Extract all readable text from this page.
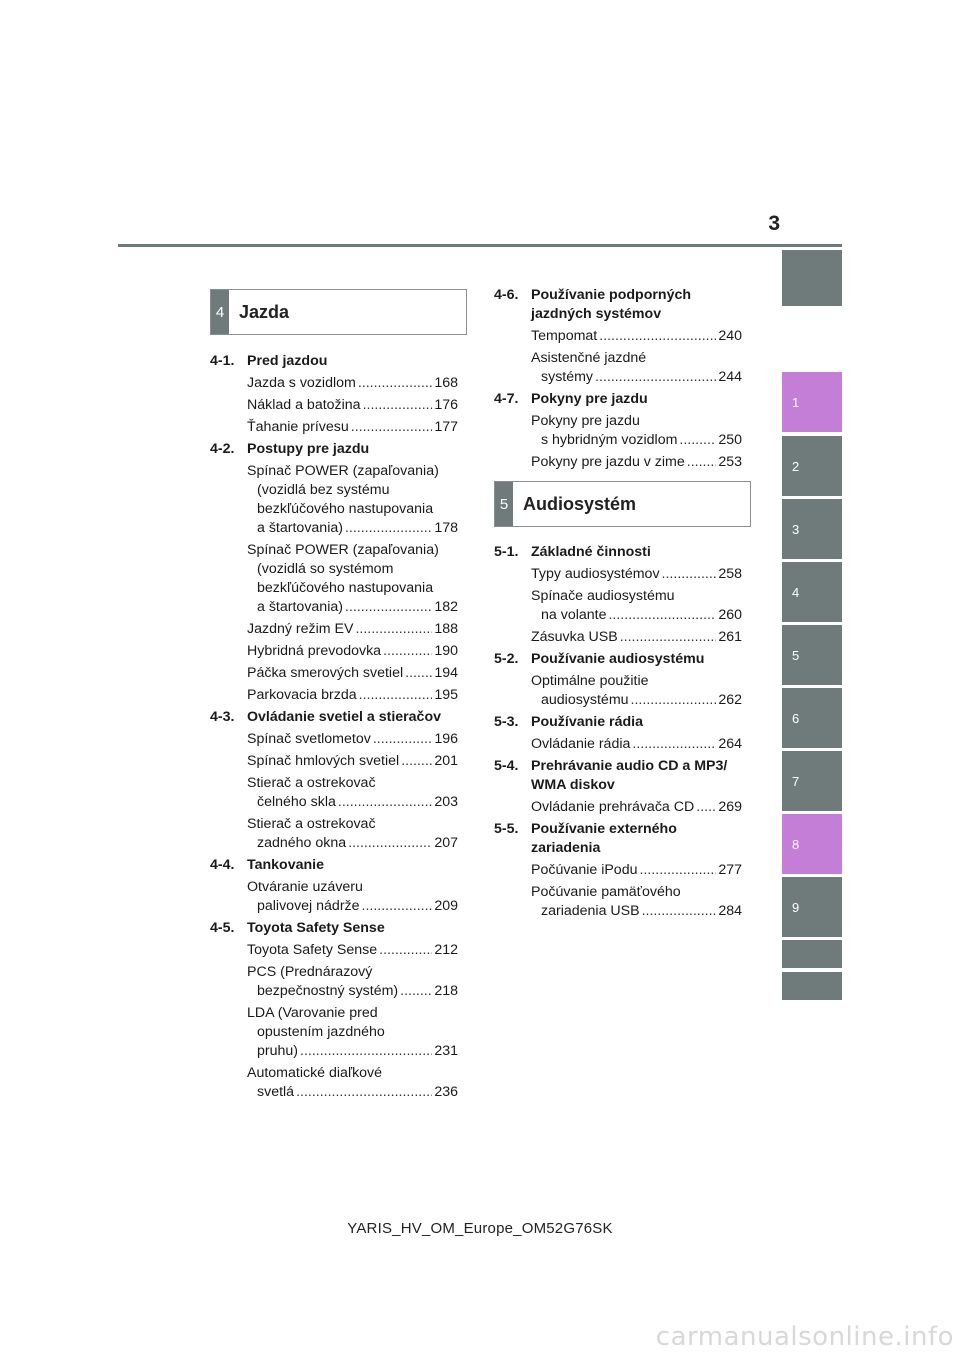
3
1
2
3
4
5
6
7
8
9
4 Jazda
5 Audiosystém
4-1. Pred jazdou
Jazda s vozidlom .....	168
Náklad a batožina .....	176
Ťahanie prívesu .....	177
4-2. Postupy pre jazdu
Spínač POWER (zapaľovania)
(vozidlá bez systému
bezkľúčového nastupovania
a štartovania) .....	178
Spínač POWER (zapaľovania)
(vozidlá so systémom
bezkľúčového nastupovania
a štartovania) .....	182
Jazdný režim EV .....	188
Hybridná prevodovka .....	190
Páčka smerových svetiel ..... 194
Parkovacia brzda .....	195
4-3. Ovládanie svetiel a stieračov
Spínač svetlometov .....	196
Spínač hmlových svetiel ..... 201
Stierač a ostrekovač
čelného skla .....	203
Stierač a ostrekovač
zadného okna .....	207
4-4. Tankovanie
Otváranie uzáveru
palivovej nádrže .....	209
4-5. Toyota Safety Sense
Toyota Safety Sense .....	212
PCS (Prednárazový
bezpečnostný systém) .....	218
LDA (Varovanie pred
opustením jazdného
pruhu) .....	231
Automatické diaľkové
svetlá .....	236
4-6. Používanie podporných jazdných systémov
Tempomat .....	240
Asistenčné jazdné
systémy .....	244
4-7. Pokyny pre jazdu
Pokyny pre jazdu
s hybridným vozidlom .....	250
Pokyny pre jazdu v zime ..... 253
5-1. Základné činnosti
Typy audiosystémov .....	258
Spínače audiosystému
na volante .....	260
Zásuvka USB .....	261
5-2. Používanie audiosystému
Optimálne použitie
audiosystému .....	262
5-3. Používanie rádia
Ovládanie rádia .....	264
5-4. Prehrávanie audio CD a MP3/ WMA diskov
Ovládanie prehrávača CD ..... 269
5-5. Používanie externého zariadenia
Počúvanie iPodu .....	277
Počúvanie pamäťového
zariadenia USB .....	284
YARIS_HV_OM_Europe_OM52G76SK
carmanualsonline.info
